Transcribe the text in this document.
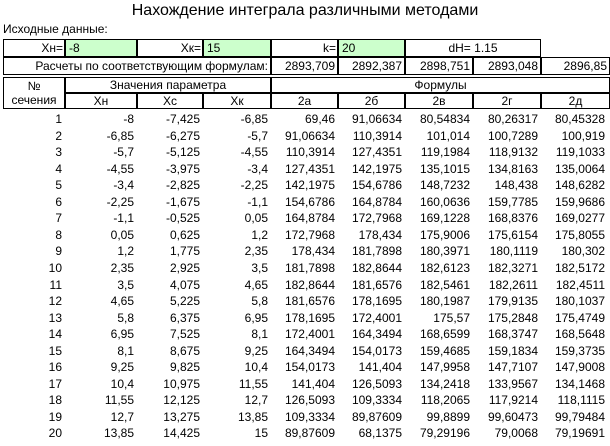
Нахождение интеграла различными методами
Исходные данные:
Хн= -8	Хк= 15	k= 20	dH= 1.15
Расчеты по соответствующим формулам:	2893,709	2892,387	2898,751	2893,048	2896,85
№
сечения
Значения параметра	Формулы
Хн	Хс	Хк	2а	2б	2в	2г	2д
1	-8	-7,425	-6,85	69,46	91,06634	80,54834	80,26317	80,45328
2	-6,85	-6,275	-5,7	91,06634	110,3914	101,014	100,7289	100,919
3	-5,7	-5,125	-4,55	110,3914	127,4351	119,1984	118,9132	119,1033
4	-4,55	-3,975	-3,4	127,4351	142,1975	135,1015	134,8163	135,0064
5	-3,4	-2,825	-2,25	142,1975	154,6786	148,7232	148,438	148,6282
6	-2,25	-1,675	-1,1	154,6786	164,8784	160,0636	159,7785	159,9686
7	-1,1	-0,525	0,05	164,8784	172,7968	169,1228	168,8376	169,0277
8	0,05	0,625	1,2	172,7968	178,434	175,9006	175,6154	175,8055
9	1,2	1,775	2,35	178,434	181,7898	180,3971	180,1119	180,302
10	2,35	2,925	3,5	181,7898	182,8644	182,6123	182,3271	182,5172
11	3,5	4,075	4,65	182,8644	181,6576	182,5461	182,2611	182,4511
12	4,65	5,225	5,8	181,6576	178,1695	180,1987	179,9135	180,1037
13	5,8	6,375	6,95	178,1695	172,4001	175,57	175,2848	175,4749
14	6,95	7,525	8,1	172,4001	164,3494	168,6599	168,3747	168,5648
15	8,1	8,675	9,25	164,3494	154,0173	159,4685	159,1834	159,3735
16	9,25	9,825	10,4	154,0173	141,404	147,9958	147,7107	147,9008
17	10,4	10,975	11,55	141,404	126,5093	134,2418	133,9567	134,1468
18	11,55	12,125	12,7	126,5093	109,3334	118,2065	117,9214	118,1115
19	12,7	13,275	13,85	109,3334	89,87609	99,8899	99,60473	99,79484
20	13,85	14,425	15	89,87609	68,1375	79,29196	79,0068	79,19691
